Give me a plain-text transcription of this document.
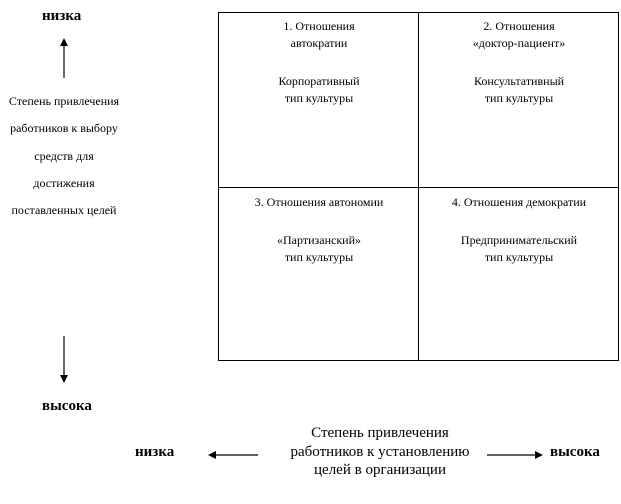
низка
Степень привлечения работников к выбору средств для достижения поставленных целей
высока
1. Отношения
автократии
Корпоративный
тип культуры
2. Отношения
«доктор-пациент»
Консультативный
тип культуры
3. Отношения автономии
«Партизанский»
тип культуры
4. Отношения демократии
Предпринимательский
тип культуры
низка
Степень привлечения работников к установлению целей в организации
высока
